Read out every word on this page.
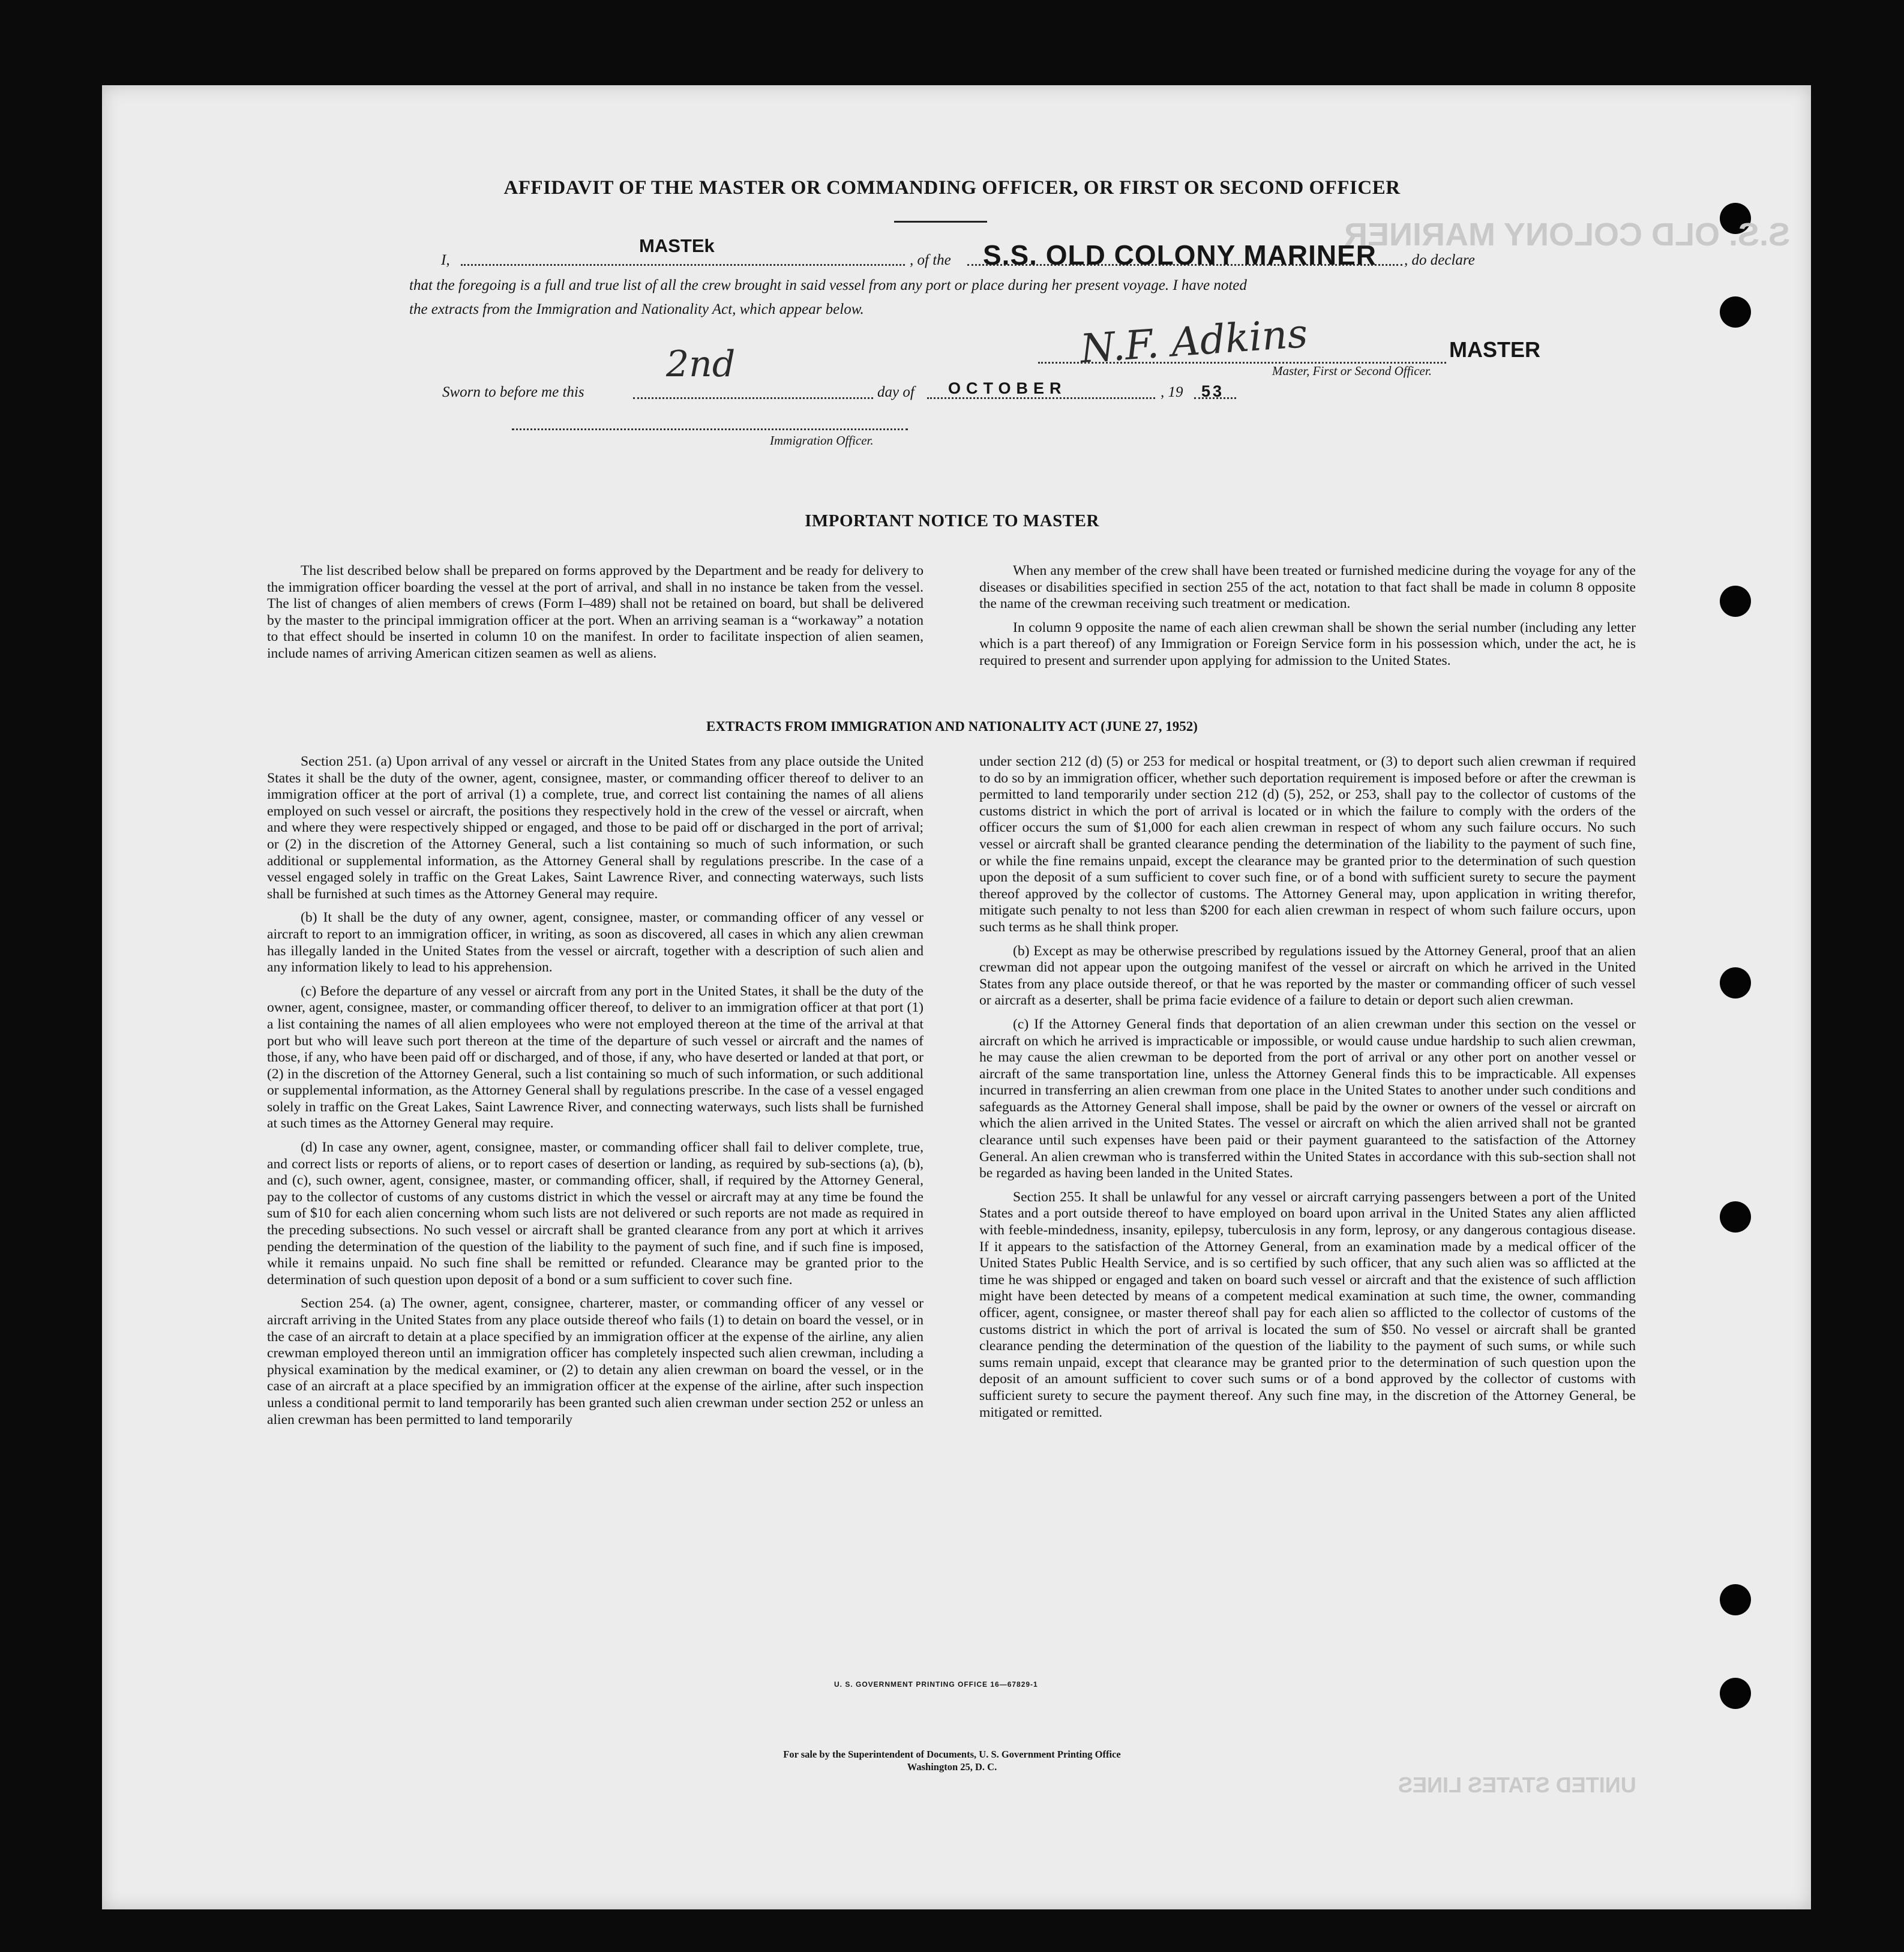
S.S. OLD COLONY MARINER
UNITED STATES LINES
AFFIDAVIT OF THE MASTER OR COMMANDING OFFICER, OR FIRST OR SECOND OFFICER
I,
MASTEk
, of the S.S. OLD COLONY MARINER , do declare
that the foregoing is a full and true list of all the crew brought in said vessel from any port or place during her present voyage. I have noted
the extracts from the Immigration and Nationality Act, which appear below.
N.F. Adkins	MASTER
Master, First or Second Officer.
Sworn to before me this
2nd
day of OCTOBER	, 19 53
Immigration Officer.
IMPORTANT NOTICE TO MASTER

The list described below shall be prepared on forms approved by the Department and be ready for delivery to the immigration officer boarding the vessel at the port of arrival, and shall in no instance be taken from the vessel. The list of changes of alien members of crews (Form I–489) shall not be retained on board, but shall be delivered by the master to the principal immigration officer at the port. When an arriving seaman is a “workaway” a notation to that effect should be inserted in column 10 on the manifest. In order to facilitate inspection of alien seamen, include names of arriving American citizen seamen as well as aliens.

When any member of the crew shall have been treated or furnished medicine during the voyage for any of the diseases or disabilities specified in section 255 of the act, notation to that fact shall be made in column 8 opposite the name of the crewman receiving such treatment or medication.

In column 9 opposite the name of each alien crewman shall be shown the serial number (including any letter which is a part thereof) of any Immigration or Foreign Service form in his possession which, under the act, he is required to present and surrender upon applying for admission to the United States.

EXTRACTS FROM IMMIGRATION AND NATIONALITY ACT (JUNE 27, 1952)

Section 251. (a) Upon arrival of any vessel or aircraft in the United States from any place outside the United States it shall be the duty of the owner, agent, consignee, master, or commanding officer thereof to deliver to an immigration officer at the port of arrival (1) a complete, true, and correct list containing the names of all aliens employed on such vessel or aircraft, the positions they respectively hold in the crew of the vessel or aircraft, when and where they were respectively shipped or engaged, and those to be paid off or discharged in the port of arrival; or (2) in the discretion of the Attorney General, such a list containing so much of such information, or such additional or supplemental information, as the Attorney General shall by regulations prescribe. In the case of a vessel engaged solely in traffic on the Great Lakes, Saint Lawrence River, and connecting waterways, such lists shall be furnished at such times as the Attorney General may require.

(b) It shall be the duty of any owner, agent, consignee, master, or commanding officer of any vessel or aircraft to report to an immigration officer, in writing, as soon as discovered, all cases in which any alien crewman has illegally landed in the United States from the vessel or aircraft, together with a description of such alien and any information likely to lead to his apprehension.

(c) Before the departure of any vessel or aircraft from any port in the United States, it shall be the duty of the owner, agent, consignee, master, or commanding officer thereof, to deliver to an immigration officer at that port (1) a list containing the names of all alien employees who were not employed thereon at the time of the arrival at that port but who will leave such port thereon at the time of the departure of such vessel or aircraft and the names of those, if any, who have been paid off or discharged, and of those, if any, who have deserted or landed at that port, or (2) in the discretion of the Attorney General, such a list containing so much of such information, or such additional or supplemental information, as the Attorney General shall by regulations prescribe. In the case of a vessel engaged solely in traffic on the Great Lakes, Saint Lawrence River, and connecting waterways, such lists shall be furnished at such times as the Attorney General may require.

(d) In case any owner, agent, consignee, master, or commanding officer shall fail to deliver complete, true, and correct lists or reports of aliens, or to report cases of desertion or landing, as required by sub-sections (a), (b), and (c), such owner, agent, consignee, master, or commanding officer, shall, if required by the Attorney General, pay to the collector of customs of any customs district in which the vessel or aircraft may at any time be found the sum of $10 for each alien concerning whom such lists are not delivered or such reports are not made as required in the preceding subsections. No such vessel or aircraft shall be granted clearance from any port at which it arrives pending the determination of the question of the liability to the payment of such fine, and if such fine is imposed, while it remains unpaid. No such fine shall be remitted or refunded. Clearance may be granted prior to the determination of such question upon deposit of a bond or a sum sufficient to cover such fine.

Section 254. (a) The owner, agent, consignee, charterer, master, or commanding officer of any vessel or aircraft arriving in the United States from any place outside thereof who fails (1) to detain on board the vessel, or in the case of an aircraft to detain at a place specified by an immigration officer at the expense of the airline, any alien crewman employed thereon until an immigration officer has completely inspected such alien crewman, including a physical examination by the medical examiner, or (2) to detain any alien crewman on board the vessel, or in the case of an aircraft at a place specified by an immigration officer at the expense of the airline, after such inspection unless a conditional permit to land temporarily has been granted such alien crewman under section 252 or unless an alien crewman has been permitted to land temporarily

under section 212 (d) (5) or 253 for medical or hospital treatment, or (3) to deport such alien crewman if required to do so by an immigration officer, whether such deportation requirement is imposed before or after the crewman is permitted to land temporarily under section 212 (d) (5), 252, or 253, shall pay to the collector of customs of the customs district in which the port of arrival is located or in which the failure to comply with the orders of the officer occurs the sum of $1,000 for each alien crewman in respect of whom any such failure occurs. No such vessel or aircraft shall be granted clearance pending the determination of the liability to the payment of such fine, or while the fine remains unpaid, except the clearance may be granted prior to the determination of such question upon the deposit of a sum sufficient to cover such fine, or of a bond with sufficient surety to secure the payment thereof approved by the collector of customs. The Attorney General may, upon application in writing therefor, mitigate such penalty to not less than $200 for each alien crewman in respect of whom such failure occurs, upon such terms as he shall think proper.

(b) Except as may be otherwise prescribed by regulations issued by the Attorney General, proof that an alien crewman did not appear upon the outgoing manifest of the vessel or aircraft on which he arrived in the United States from any place outside thereof, or that he was reported by the master or commanding officer of such vessel or aircraft as a deserter, shall be prima facie evidence of a failure to detain or deport such alien crewman.

(c) If the Attorney General finds that deportation of an alien crewman under this section on the vessel or aircraft on which he arrived is impracticable or impossible, or would cause undue hardship to such alien crewman, he may cause the alien crewman to be deported from the port of arrival or any other port on another vessel or aircraft of the same transportation line, unless the Attorney General finds this to be impracticable. All expenses incurred in transferring an alien crewman from one place in the United States to another under such conditions and safeguards as the Attorney General shall impose, shall be paid by the owner or owners of the vessel or aircraft on which the alien arrived in the United States. The vessel or aircraft on which the alien arrived shall not be granted clearance until such expenses have been paid or their payment guaranteed to the satisfaction of the Attorney General. An alien crewman who is transferred within the United States in accordance with this sub-section shall not be regarded as having been landed in the United States.

Section 255. It shall be unlawful for any vessel or aircraft carrying passengers between a port of the United States and a port outside thereof to have employed on board upon arrival in the United States any alien afflicted with feeble-mindedness, insanity, epilepsy, tuberculosis in any form, leprosy, or any dangerous contagious disease. If it appears to the satisfaction of the Attorney General, from an examination made by a medical officer of the United States Public Health Service, and is so certified by such officer, that any such alien was so afflicted at the time he was shipped or engaged and taken on board such vessel or aircraft and that the existence of such affliction might have been detected by means of a competent medical examination at such time, the owner, commanding officer, agent, consignee, or master thereof shall pay for each alien so afflicted to the collector of customs of the customs district in which the port of arrival is located the sum of $50. No vessel or aircraft shall be granted clearance pending the determination of the question of the liability to the payment of such sums, or while such sums remain unpaid, except that clearance may be granted prior to the determination of such question upon the deposit of an amount sufficient to cover such sums or of a bond approved by the collector of customs with sufficient surety to secure the payment thereof. Any such fine may, in the discretion of the Attorney General, be mitigated or remitted.

U. S. GOVERNMENT PRINTING OFFICE 16—67829-1
For sale by the Superintendent of Documents, U. S. Government Printing Office
Washington 25, D. C.
